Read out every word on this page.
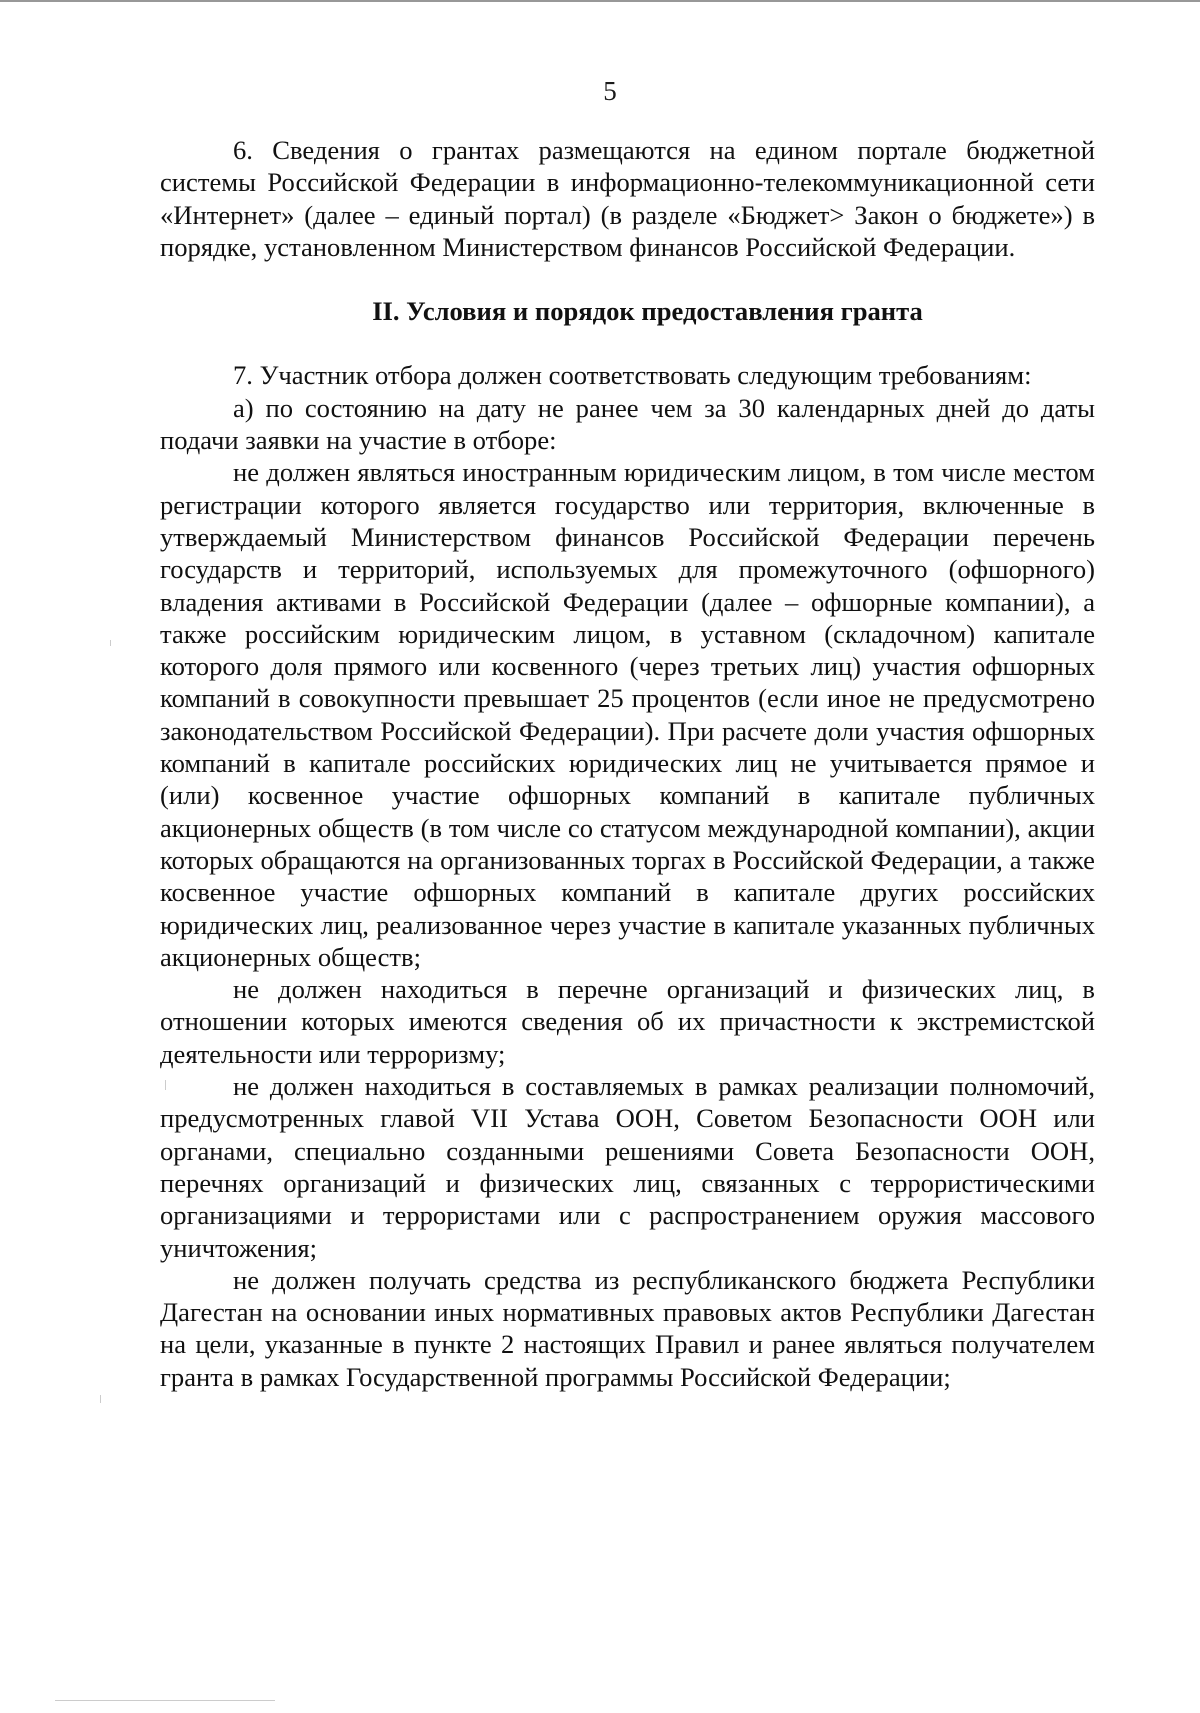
5

6. Сведения о грантах размещаются на едином портале бюджетной системы Российской Федерации в информационно-телекоммуникационной сети «Интернет» (далее – единый портал) (в разделе «Бюджет> Закон о бюджете») в порядке, установленном Министерством финансов Российской Федерации.

II. Условия и порядок предоставления гранта

7. Участник отбора должен соответствовать следующим требованиям:

а) по состоянию на дату не ранее чем за 30 календарных дней до даты подачи заявки на участие в отборе:

не должен являться иностранным юридическим лицом, в том числе местом регистрации которого является государство или территория, включенные в утверждаемый Министерством финансов Российской Федерации перечень государств и территорий, используемых для промежуточного (офшорного) владения активами в Российской Федерации (далее – офшорные компании), а также российским юридическим лицом, в уставном (складочном) капитале которого доля прямого или косвенного (через третьих лиц) участия офшорных компаний в совокупности превышает 25 процентов (если иное не предусмотрено законодательством Российской Федерации). При расчете доли участия офшорных компаний в капитале российских юридических лиц не учитывается прямое и (или) косвенное участие офшорных компаний в капитале публичных акционерных обществ (в том числе со статусом международной компании), акции которых обращаются на организованных торгах в Российской Федерации, а также косвенное участие офшорных компаний в капитале других российских юридических лиц, реализованное через участие в капитале указанных публичных акционерных обществ;

не должен находиться в перечне организаций и физических лиц, в отношении которых имеются сведения об их причастности к экстремистской деятельности или терроризму;

не должен находиться в составляемых в рамках реализации полномочий, предусмотренных главой VII Устава ООН, Советом Безопасности ООН или органами, специально созданными решениями Совета Безопасности ООН, перечнях организаций и физических лиц, связанных с террористическими организациями и террористами или с распространением оружия массового уничтожения;

не должен получать средства из республиканского бюджета Республики Дагестан на основании иных нормативных правовых актов Республики Дагестан на цели, указанные в пункте 2 настоящих Правил и ранее являться получателем гранта в рамках Государственной программы Российской Федерации;
